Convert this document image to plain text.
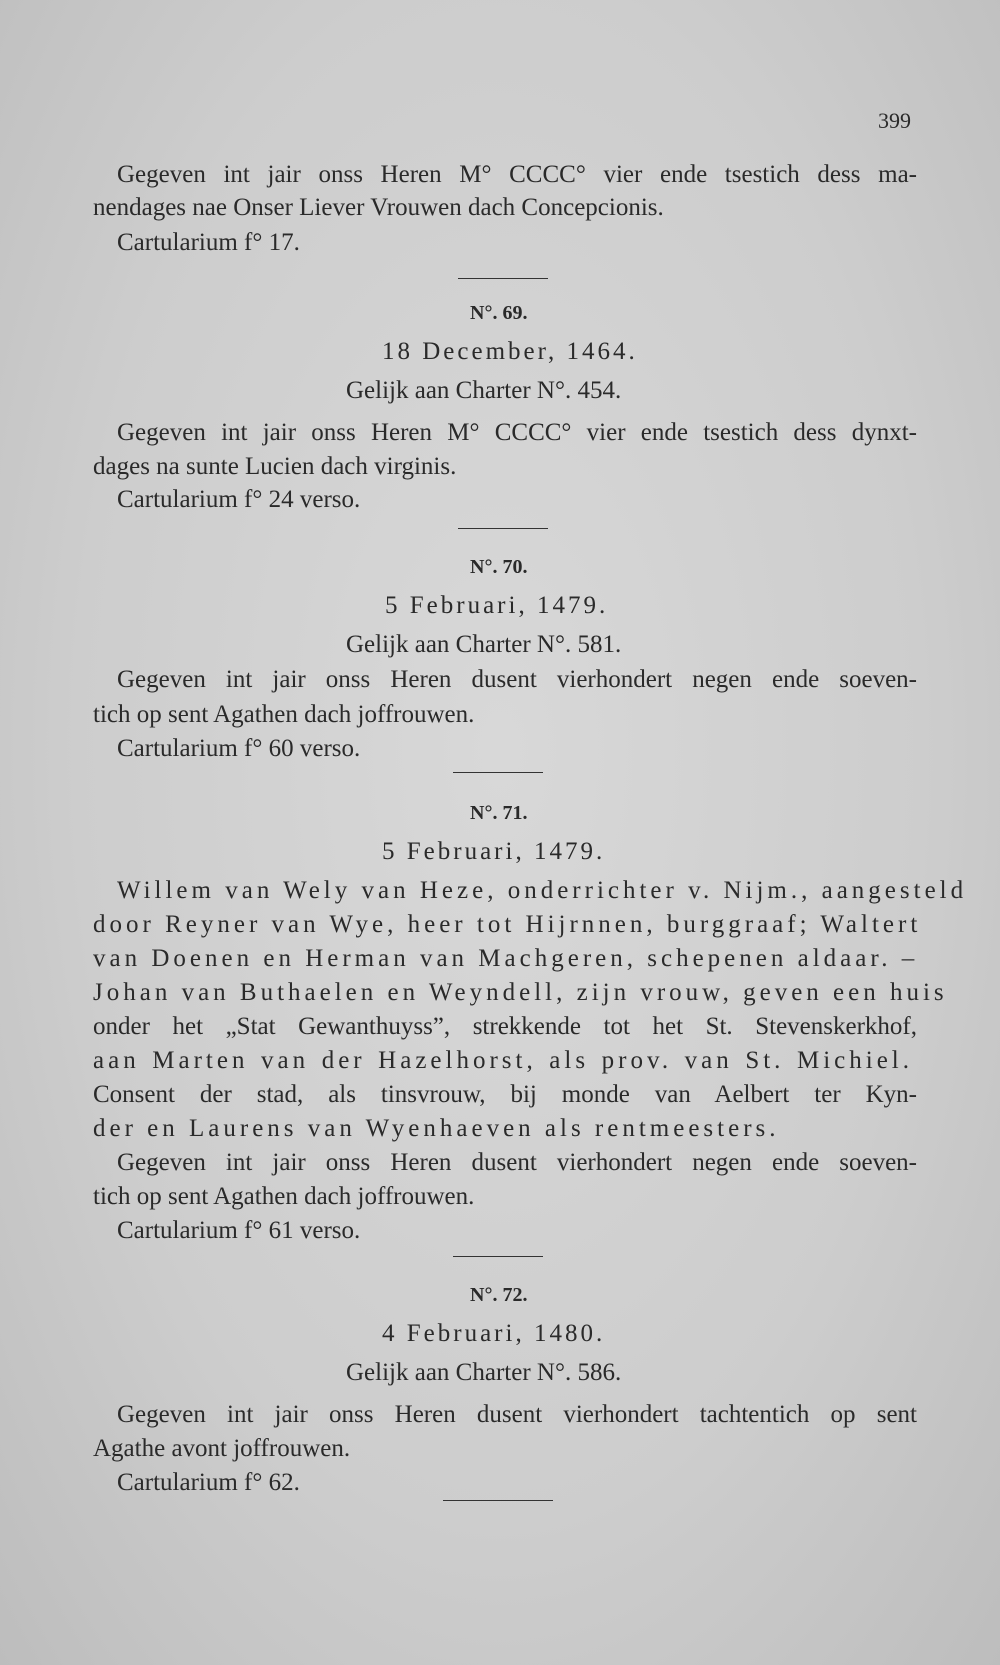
399
Gegeven int jair onss Heren M° CCCC° vier ende tsestich dess ma-
nendages nae Onser Liever Vrouwen dach Concepcionis.
Cartularium f° 17.
N°. 69.
18 December, 1464.
Gelijk aan Charter N°. 454.
Gegeven int jair onss Heren M° CCCC° vier ende tsestich dess dynxt-
dages na sunte Lucien dach virginis.
Cartularium f° 24 verso.
N°. 70.
5 Februari, 1479.
Gelijk aan Charter N°. 581.
Gegeven int jair onss Heren dusent vierhondert negen ende soeven-
tich op sent Agathen dach joffrouwen.
Cartularium f° 60 verso.
N°. 71.
5 Februari, 1479.
Willem van Wely van Heze, onderrichter v. Nijm., aangesteld
door Reyner van Wye, heer tot Hijrnnen, burggraaf; Waltert
van Doenen en Herman van Machgeren, schepenen aldaar. –
Johan van Buthaelen en Weyndell, zijn vrouw, geven een huis
onder het „Stat Gewanthuyss”, strekkende tot het St. Stevenskerkhof,
aan Marten van der Hazelhorst, als prov. van St. Michiel.
Consent der stad, als tinsvrouw, bij monde van Aelbert ter Kyn-
der en Laurens van Wyenhaeven als rentmeesters.
Gegeven int jair onss Heren dusent vierhondert negen ende soeven-
tich op sent Agathen dach joffrouwen.
Cartularium f° 61 verso.
N°. 72.
4 Februari, 1480.
Gelijk aan Charter N°. 586.
Gegeven int jair onss Heren dusent vierhondert tachtentich op sent
Agathe avont joffrouwen.
Cartularium f° 62.
